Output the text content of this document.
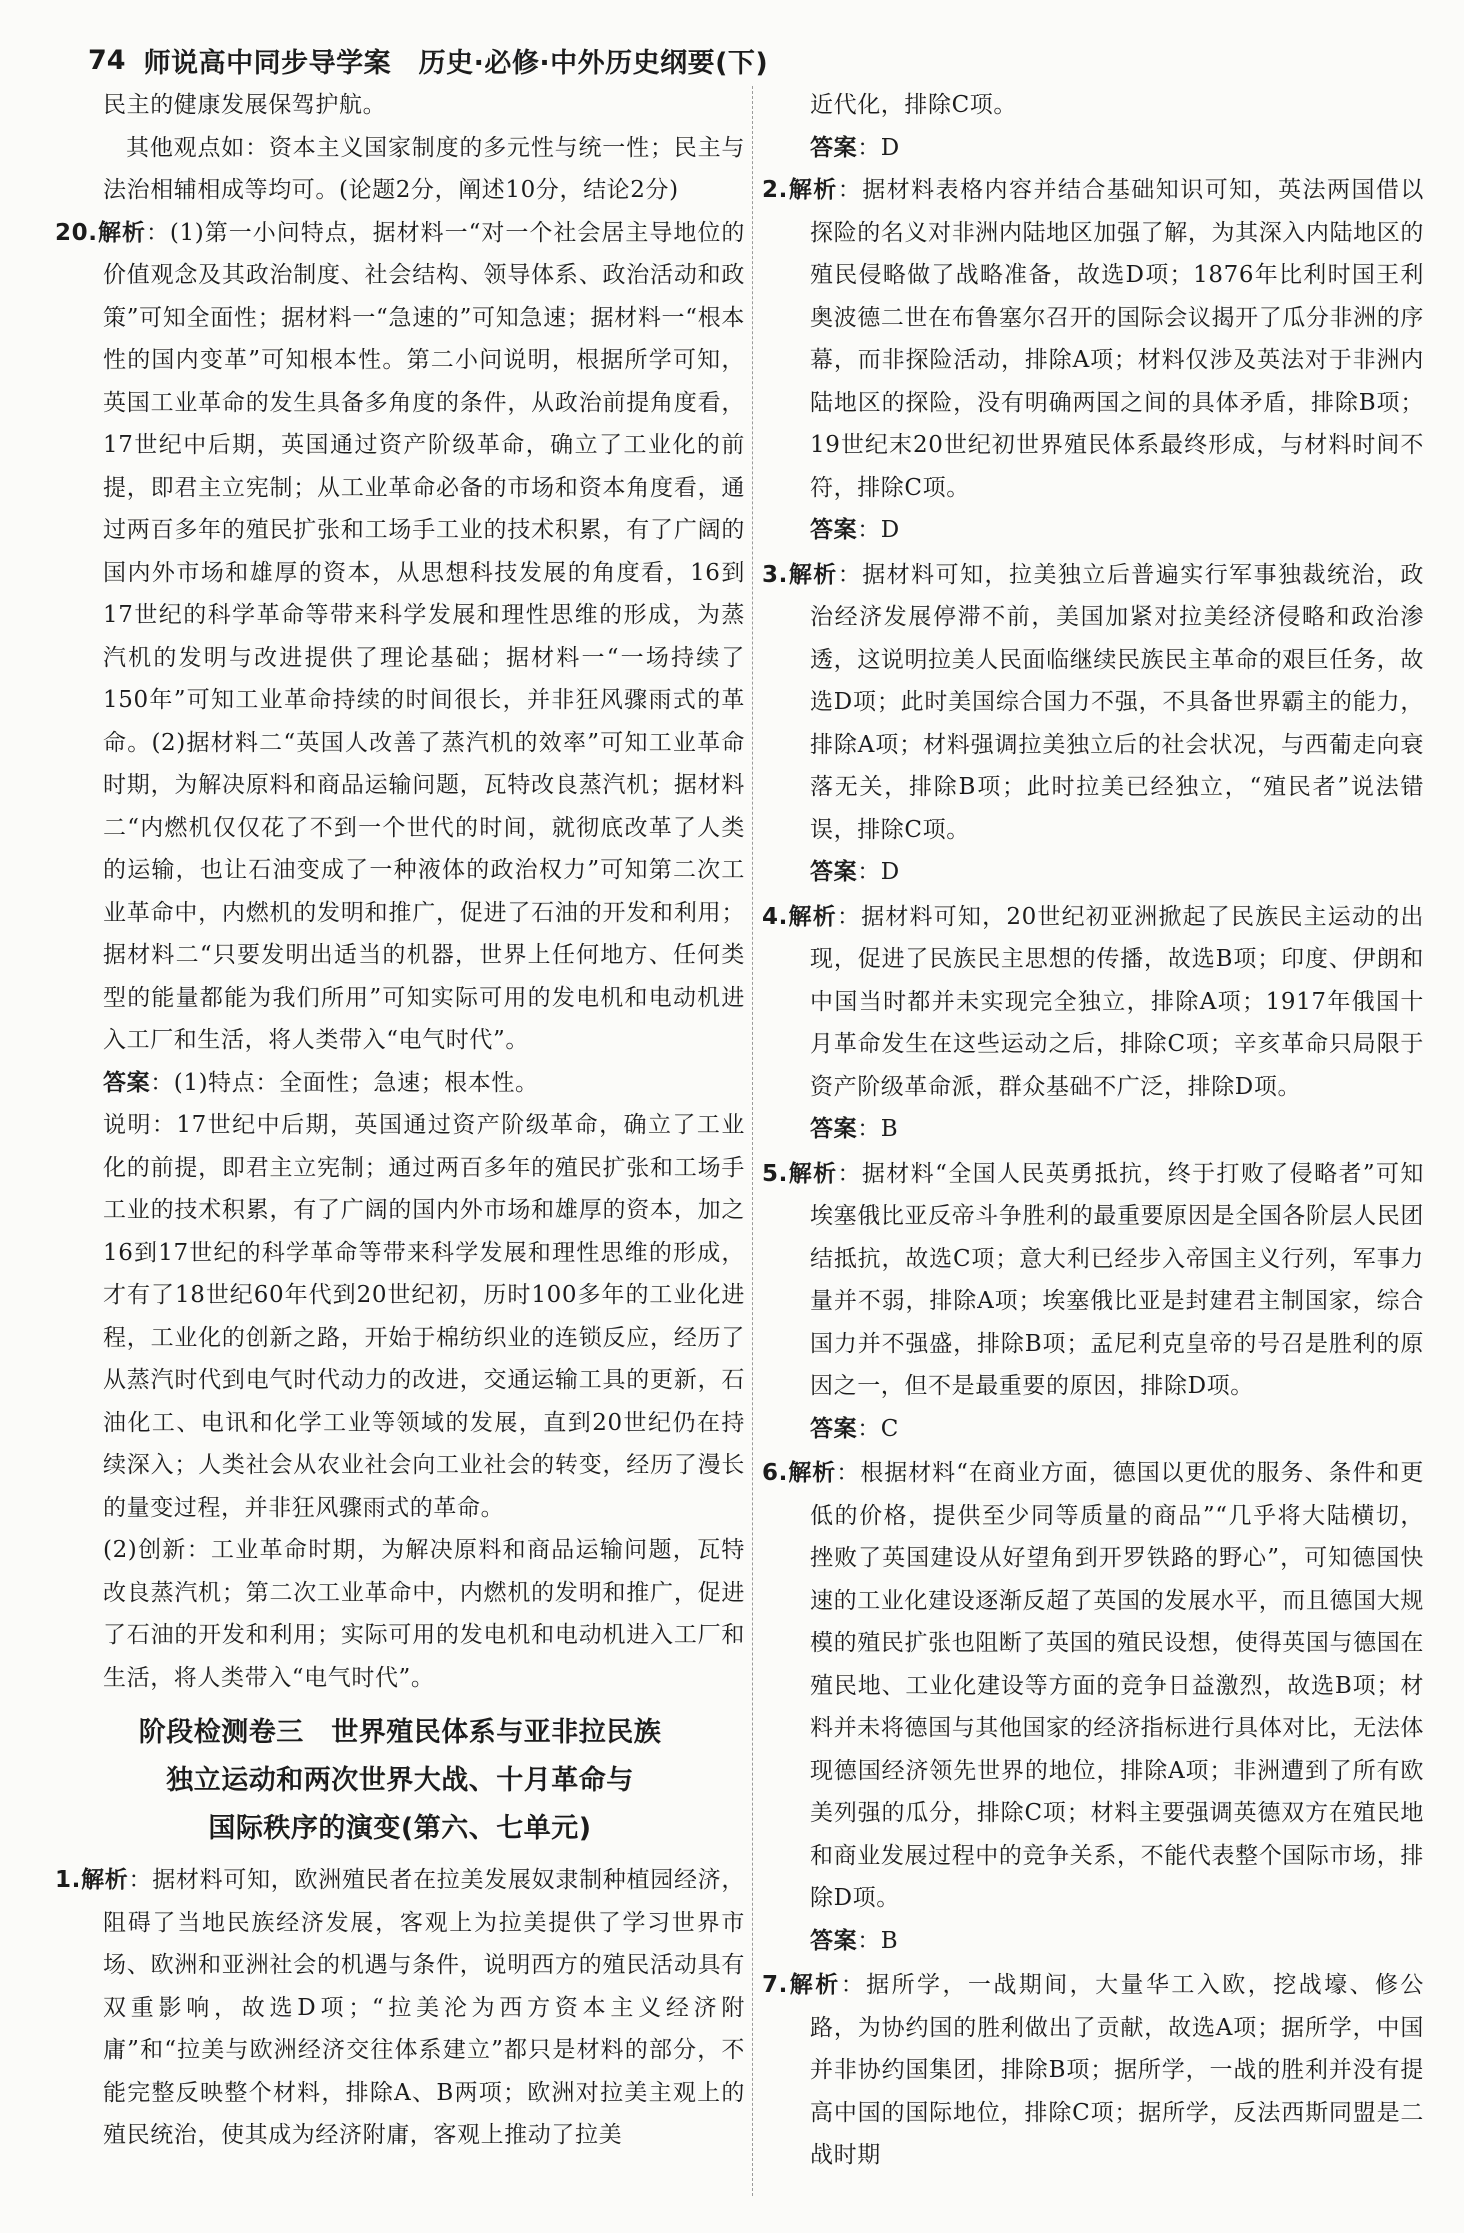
74 师说高中同步导学案　历史·必修·中外历史纲要(下)

民主的健康发展保驾护航。

其他观点如：资本主义国家制度的多元性与统一性；民主与法治相辅相成等均可。(论题2分，阐述10分，结论2分)

20.解析：(1)第一小问特点，据材料一“对一个社会居主导地位的价值观念及其政治制度、社会结构、领导体系、政治活动和政策”可知全面性；据材料一“急速的”可知急速；据材料一“根本性的国内变革”可知根本性。第二小问说明，根据所学可知，英国工业革命的发生具备多角度的条件，从政治前提角度看，17世纪中后期，英国通过资产阶级革命，确立了工业化的前提，即君主立宪制；从工业革命必备的市场和资本角度看，通过两百多年的殖民扩张和工场手工业的技术积累，有了广阔的国内外市场和雄厚的资本，从思想科技发展的角度看，16到17世纪的科学革命等带来科学发展和理性思维的形成，为蒸汽机的发明与改进提供了理论基础；据材料一“一场持续了150年”可知工业革命持续的时间很长，并非狂风骤雨式的革命。(2)据材料二“英国人改善了蒸汽机的效率”可知工业革命时期，为解决原料和商品运输问题，瓦特改良蒸汽机；据材料二“内燃机仅仅花了不到一个世代的时间，就彻底改革了人类的运输，也让石油变成了一种液体的政治权力”可知第二次工业革命中，内燃机的发明和推广，促进了石油的开发和利用；据材料二“只要发明出适当的机器，世界上任何地方、任何类型的能量都能为我们所用”可知实际可用的发电机和电动机进入工厂和生活，将人类带入“电气时代”。

答案：(1)特点：全面性；急速；根本性。

说明：17世纪中后期，英国通过资产阶级革命，确立了工业化的前提，即君主立宪制；通过两百多年的殖民扩张和工场手工业的技术积累，有了广阔的国内外市场和雄厚的资本，加之16到17世纪的科学革命等带来科学发展和理性思维的形成，才有了18世纪60年代到20世纪初，历时100多年的工业化进程，工业化的创新之路，开始于棉纺织业的连锁反应，经历了从蒸汽时代到电气时代动力的改进，交通运输工具的更新，石油化工、电讯和化学工业等领域的发展，直到20世纪仍在持续深入；人类社会从农业社会向工业社会的转变，经历了漫长的量变过程，并非狂风骤雨式的革命。

(2)创新：工业革命时期，为解决原料和商品运输问题，瓦特改良蒸汽机；第二次工业革命中，内燃机的发明和推广，促进了石油的开发和利用；实际可用的发电机和电动机进入工厂和生活，将人类带入“电气时代”。

阶段检测卷三　世界殖民体系与亚非拉民族
独立运动和两次世界大战、十月革命与
国际秩序的演变(第六、七单元)

1.解析：据材料可知，欧洲殖民者在拉美发展奴隶制种植园经济，阻碍了当地民族经济发展，客观上为拉美提供了学习世界市场、欧洲和亚洲社会的机遇与条件，说明西方的殖民活动具有双重影响，故选D项；“拉美沦为西方资本主义经济附庸”和“拉美与欧洲经济交往体系建立”都只是材料的部分，不能完整反映整个材料，排除A、B两项；欧洲对拉美主观上的殖民统治，使其成为经济附庸，客观上推动了拉美

近代化，排除C项。

答案：D

2.解析：据材料表格内容并结合基础知识可知，英法两国借以探险的名义对非洲内陆地区加强了解，为其深入内陆地区的殖民侵略做了战略准备，故选D项；1876年比利时国王利奥波德二世在布鲁塞尔召开的国际会议揭开了瓜分非洲的序幕，而非探险活动，排除A项；材料仅涉及英法对于非洲内陆地区的探险，没有明确两国之间的具体矛盾，排除B项；19世纪末20世纪初世界殖民体系最终形成，与材料时间不符，排除C项。

答案：D

3.解析：据材料可知，拉美独立后普遍实行军事独裁统治，政治经济发展停滞不前，美国加紧对拉美经济侵略和政治渗透，这说明拉美人民面临继续民族民主革命的艰巨任务，故选D项；此时美国综合国力不强，不具备世界霸主的能力，排除A项；材料强调拉美独立后的社会状况，与西葡走向衰落无关，排除B项；此时拉美已经独立，“殖民者”说法错误，排除C项。

答案：D

4.解析：据材料可知，20世纪初亚洲掀起了民族民主运动的出现，促进了民族民主思想的传播，故选B项；印度、伊朗和中国当时都并未实现完全独立，排除A项；1917年俄国十月革命发生在这些运动之后，排除C项；辛亥革命只局限于资产阶级革命派，群众基础不广泛，排除D项。

答案：B

5.解析：据材料“全国人民英勇抵抗，终于打败了侵略者”可知埃塞俄比亚反帝斗争胜利的最重要原因是全国各阶层人民团结抵抗，故选C项；意大利已经步入帝国主义行列，军事力量并不弱，排除A项；埃塞俄比亚是封建君主制国家，综合国力并不强盛，排除B项；孟尼利克皇帝的号召是胜利的原因之一，但不是最重要的原因，排除D项。

答案：C

6.解析：根据材料“在商业方面，德国以更优的服务、条件和更低的价格，提供至少同等质量的商品”“几乎将大陆横切，挫败了英国建设从好望角到开罗铁路的野心”，可知德国快速的工业化建设逐渐反超了英国的发展水平，而且德国大规模的殖民扩张也阻断了英国的殖民设想，使得英国与德国在殖民地、工业化建设等方面的竞争日益激烈，故选B项；材料并未将德国与其他国家的经济指标进行具体对比，无法体现德国经济领先世界的地位，排除A项；非洲遭到了所有欧美列强的瓜分，排除C项；材料主要强调英德双方在殖民地和商业发展过程中的竞争关系，不能代表整个国际市场，排除D项。

答案：B

7.解析：据所学，一战期间，大量华工入欧，挖战壕、修公路，为协约国的胜利做出了贡献，故选A项；据所学，中国并非协约国集团，排除B项；据所学，一战的胜利并没有提高中国的国际地位，排除C项；据所学，反法西斯同盟是二战时期
